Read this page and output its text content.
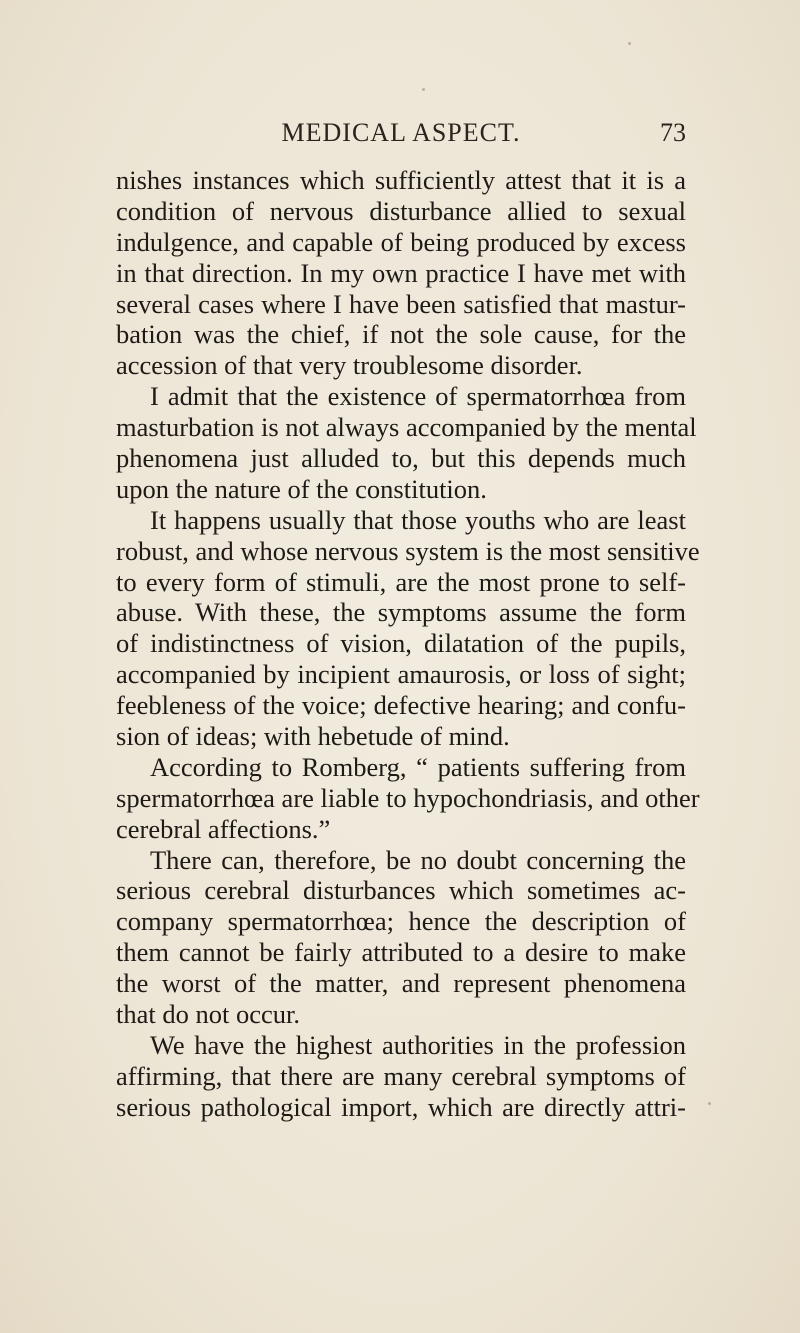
MEDICAL ASPECT.	73
nishes instances which sufficiently attest that it is a
condition of nervous disturbance allied to sexual
indulgence, and capable of being produced by excess
in that direction. In my own practice I have met with
several cases where I have been satisfied that mastur-
bation was the chief, if not the sole cause, for the
accession of that very troublesome disorder.
I admit that the existence of spermatorrhœa from
masturbation is not always accompanied by the mental
phenomena just alluded to, but this depends much
upon the nature of the constitution.
It happens usually that those youths who are least
robust, and whose nervous system is the most sensitive
to every form of stimuli, are the most prone to self-
abuse. With these, the symptoms assume the form
of indistinctness of vision, dilatation of the pupils,
accompanied by incipient amaurosis, or loss of sight;
feebleness of the voice; defective hearing; and confu-
sion of ideas; with hebetude of mind.
According to Romberg, “ patients suffering from
spermatorrhœa are liable to hypochondriasis, and other
cerebral affections.”
There can, therefore, be no doubt concerning the
serious cerebral disturbances which sometimes ac-
company spermatorrhœa; hence the description of
them cannot be fairly attributed to a desire to make
the worst of the matter, and represent phenomena
that do not occur.
We have the highest authorities in the profession
affirming, that there are many cerebral symptoms of
serious pathological import, which are directly attri-
